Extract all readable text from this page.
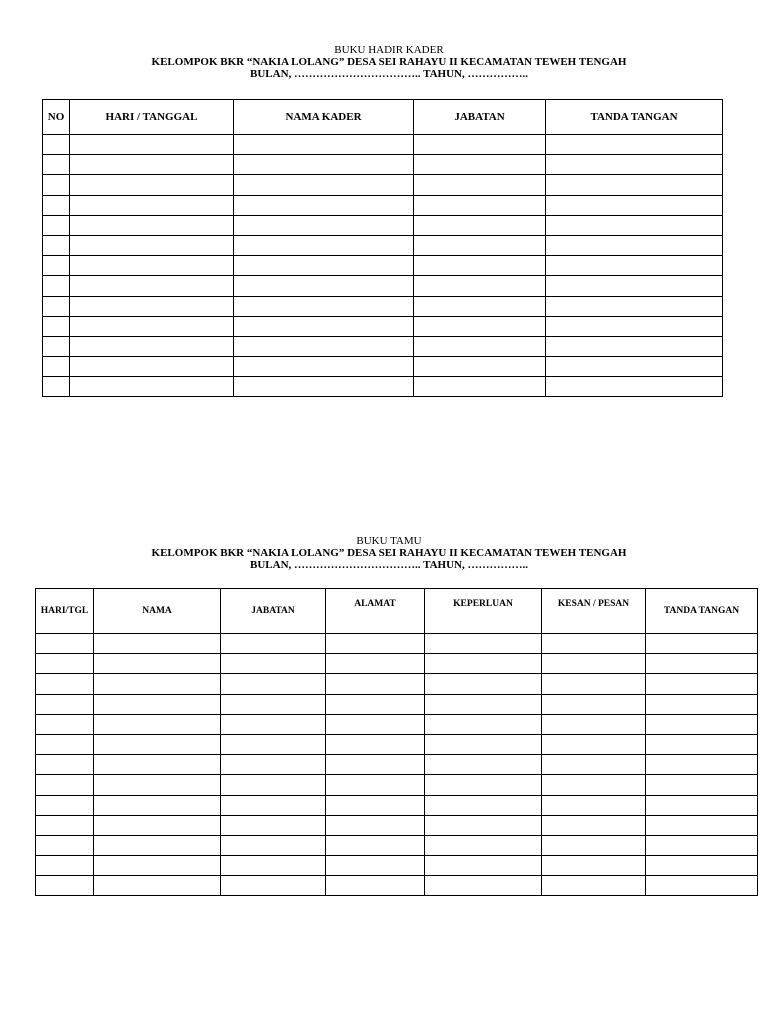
BUKU HADIR KADER
KELOMPOK BKR “NAKIA LOLANG” DESA SEI RAHAYU II KECAMATAN TEWEH TENGAH
BULAN, …………………………….. TAHUN, ……………..
NO	HARI / TANGGAL	NAMA KADER	JABATAN	TANDA TANGAN

BUKU TAMU
KELOMPOK BKR “NAKIA LOLANG” DESA SEI RAHAYU II KECAMATAN TEWEH TENGAH
BULAN, …………………………….. TAHUN, ……………..
HARI/TGL	NAMA	JABATAN	ALAMAT	KEPERLUAN	KESAN / PESAN	TANDA TANGAN
